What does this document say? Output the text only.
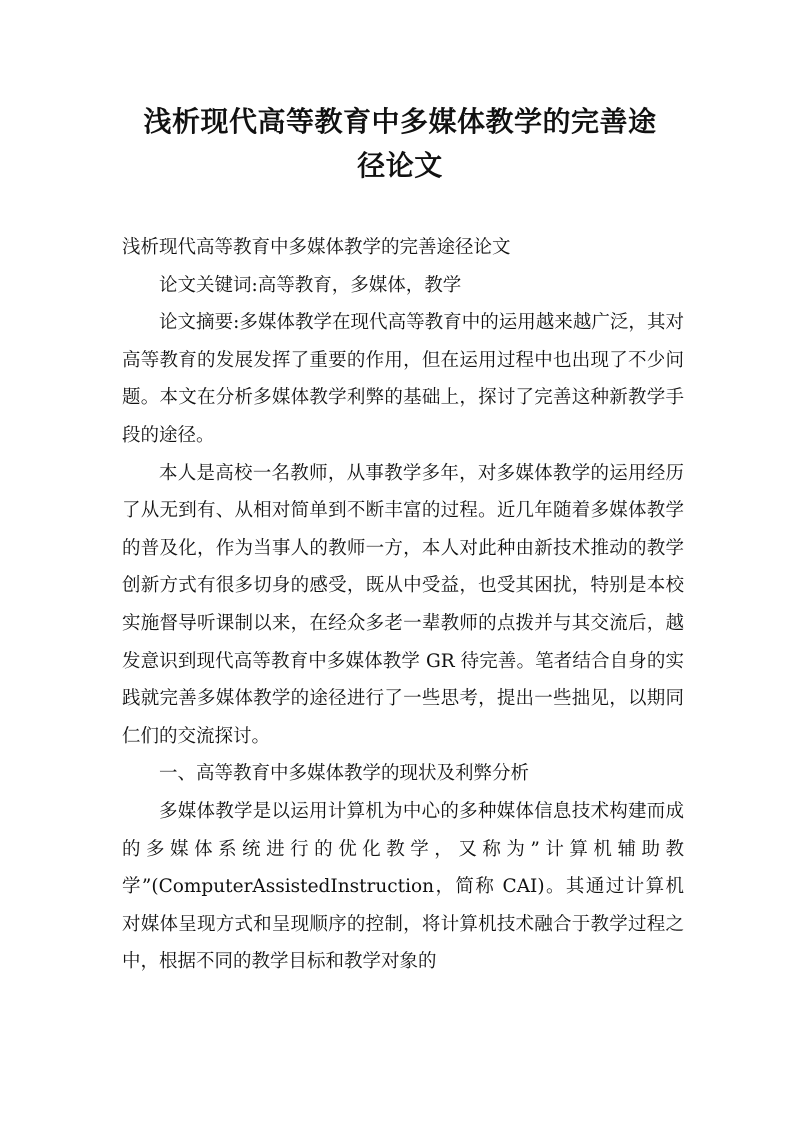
浅析现代高等教育中多媒体教学的完善途
径论文

浅析现代高等教育中多媒体教学的完善途径论文

论文关键词:高等教育，多媒体，教学

论文摘要:多媒体教学在现代高等教育中的运用越来越广泛，其对高等教育的发展发挥了重要的作用，但在运用过程中也出现了不少问题。本文在分析多媒体教学利弊的基础上，探讨了完善这种新教学手段的途径。

本人是高校一名教师，从事教学多年，对多媒体教学的运用经历了从无到有、从相对简单到不断丰富的过程。近几年随着多媒体教学的普及化，作为当事人的教师一方，本人对此种由新技术推动的教学创新方式有很多切身的感受，既从中受益，也受其困扰，特别是本校实施督导听课制以来，在经众多老一辈教师的点拨并与其交流后，越发意识到现代高等教育中多媒体教学 GR 待完善。笔者结合自身的实践就完善多媒体教学的途径进行了一些思考，提出一些拙见，以期同仁们的交流探讨。

一、高等教育中多媒体教学的现状及利弊分析

多媒体教学是以运用计算机为中心的多种媒体信息技术构建而成的多媒体系统进行的优化教学，又称为”计算机辅助教学”(ComputerAssistedInstruction，简称 CAI)。其通过计算机对媒体呈现方式和呈现顺序的控制，将计算机技术融合于教学过程之中，根据不同的教学目标和教学对象的
